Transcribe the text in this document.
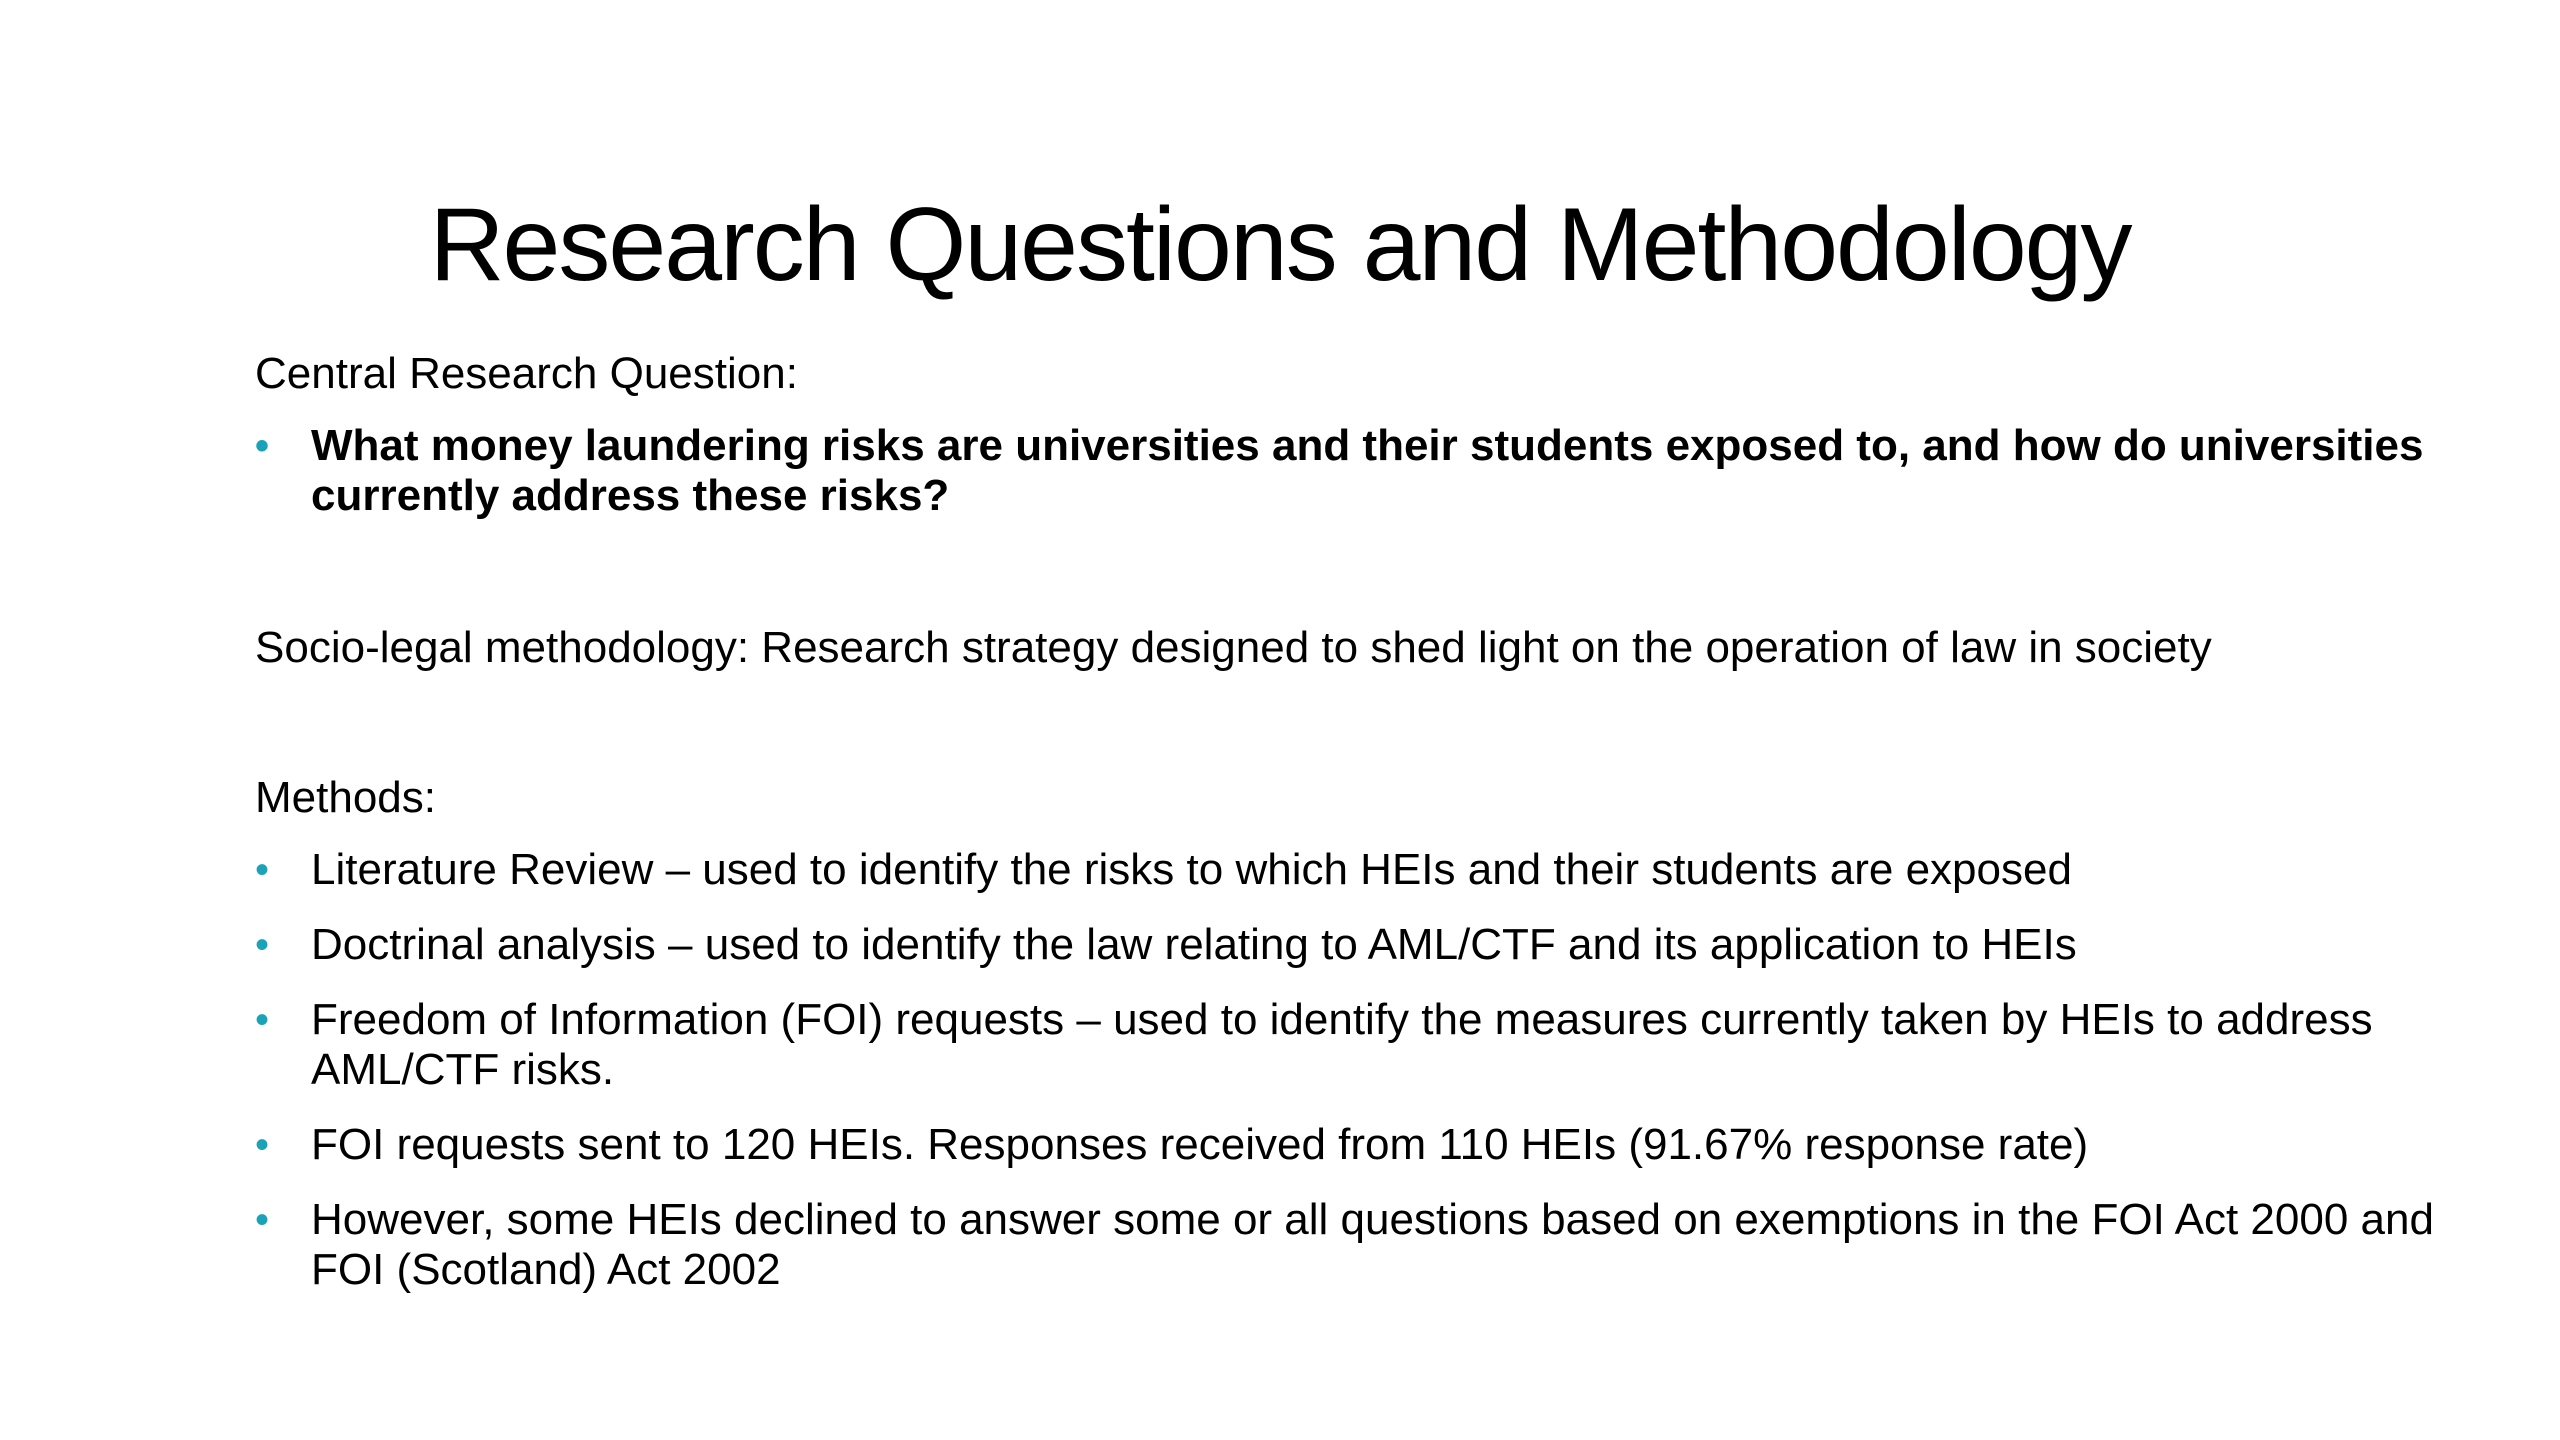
Research Questions and Methodology

Central Research Question:

• What money laundering risks are universities and their students exposed to, and how do universities currently address these risks?

Socio-legal methodology: Research strategy designed to shed light on the operation of law in society

Methods:

• Literature Review – used to identify the risks to which HEIs and their students are exposed
• Doctrinal analysis – used to identify the law relating to AML/CTF and its application to HEIs
• Freedom of Information (FOI) requests – used to identify the measures currently taken by HEIs to address AML/CTF risks.
• FOI requests sent to 120 HEIs. Responses received from 110 HEIs (91.67% response rate)
• However, some HEIs declined to answer some or all questions based on exemptions in the FOI Act 2000 and FOI (Scotland) Act 2002
